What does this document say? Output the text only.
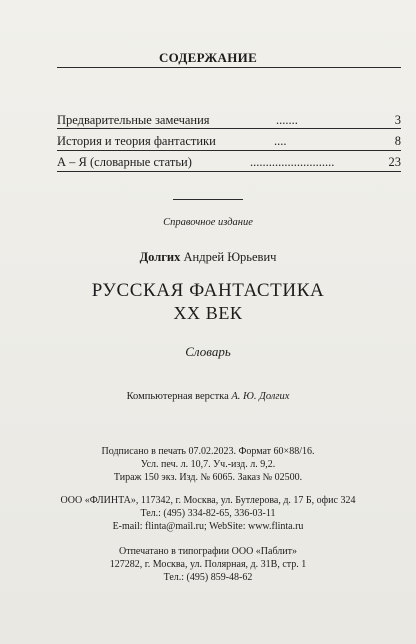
СОДЕРЖАНИЕ
Предварительные замечания	.......	3
История и теория фантастики	....	8
А – Я (словарные статьи)	...........................	23
Справочное издание
Долгих Андрей Юрьевич
РУССКАЯ ФАНТАСТИКА
XX ВЕК
Словарь
Компьютерная верстка А. Ю. Долгих
Подписано в печать 07.02.2023. Формат 60×88/16.
Усл. печ. л. 10,7. Уч.-изд. л. 9,2.
Тираж 150 экз. Изд. № 6065. Заказ № 02500.
ООО «ФЛИНТА», 117342, г. Москва, ул. Бутлерова, д. 17 Б, офис 324
Тел.: (495) 334-82-65, 336-03-11
E-mail: flinta@mail.ru; WebSite: www.flinta.ru
Отпечатано в типографии ООО «Паблит»
127282, г. Москва, ул. Полярная, д. 31В, стр. 1
Тел.: (495) 859-48-62
